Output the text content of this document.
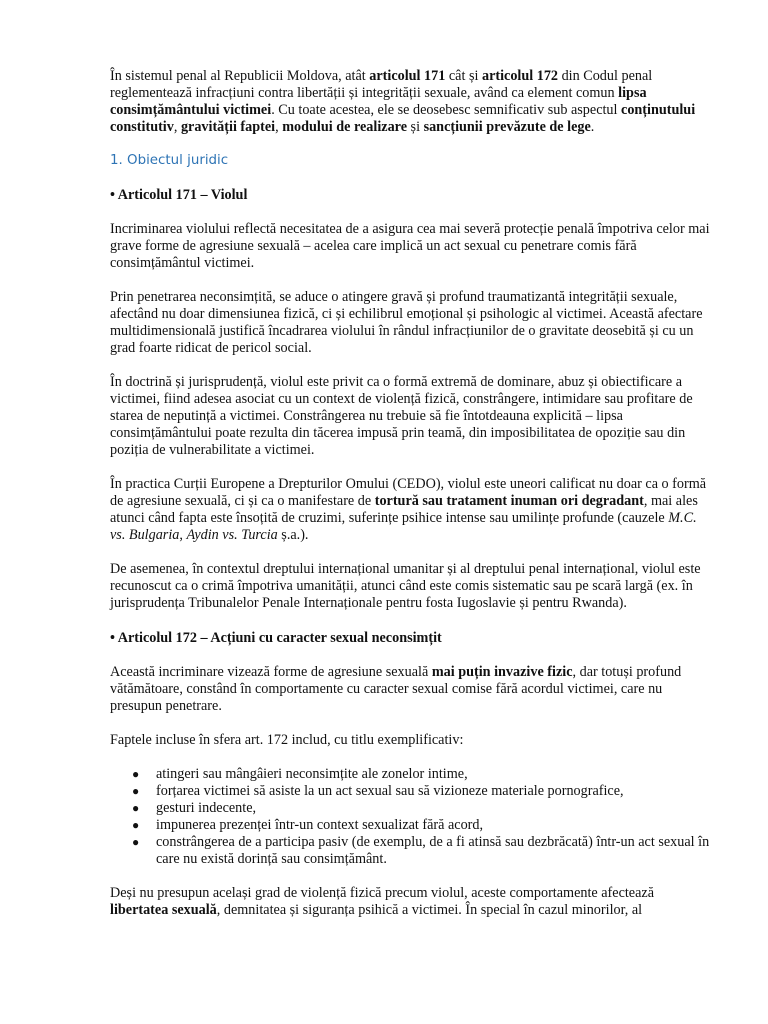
În sistemul penal al Republicii Moldova, atât articolul 171 cât și articolul 172 din Codul penal reglementează infracțiuni contra libertății și integrității sexuale, având ca element comun lipsa consimțământului victimei. Cu toate acestea, ele se deosebesc semnificativ sub aspectul conținutului constitutiv, gravității faptei, modului de realizare și sancțiunii prevăzute de lege.

1. Obiectul juridic

• Articolul 171 – Violul

Incriminarea violului reflectă necesitatea de a asigura cea mai severă protecție penală împotriva celor mai grave forme de agresiune sexuală – acelea care implică un act sexual cu penetrare comis fără consimțământul victimei.

Prin penetrarea neconsimțită, se aduce o atingere gravă și profund traumatizantă integrității sexuale, afectând nu doar dimensiunea fizică, ci și echilibrul emoțional și psihologic al victimei. Această afectare multidimensională justifică încadrarea violului în rândul infracțiunilor de o gravitate deosebită și cu un grad foarte ridicat de pericol social.

În doctrină și jurisprudență, violul este privit ca o formă extremă de dominare, abuz și obiectificare a victimei, fiind adesea asociat cu un context de violență fizică, constrângere, intimidare sau profitare de starea de neputință a victimei. Constrângerea nu trebuie să fie întotdeauna explicită – lipsa consimțământului poate rezulta din tăcerea impusă prin teamă, din imposibilitatea de opoziție sau din poziția de vulnerabilitate a victimei.

În practica Curții Europene a Drepturilor Omului (CEDO), violul este uneori calificat nu doar ca o formă de agresiune sexuală, ci și ca o manifestare de tortură sau tratament inuman ori degradant, mai ales atunci când fapta este însoțită de cruzimi, suferințe psihice intense sau umilințe profunde (cauzele M.C. vs. Bulgaria, Aydin vs. Turcia ș.a.).

De asemenea, în contextul dreptului internațional umanitar și al dreptului penal internațional, violul este recunoscut ca o crimă împotriva umanității, atunci când este comis sistematic sau pe scară largă (ex. în jurisprudența Tribunalelor Penale Internaționale pentru fosta Iugoslavie și pentru Rwanda).

• Articolul 172 – Acțiuni cu caracter sexual neconsimțit

Această incriminare vizează forme de agresiune sexuală mai puțin invazive fizic, dar totuși profund vătămătoare, constând în comportamente cu caracter sexual comise fără acordul victimei, care nu presupun penetrare.

Faptele incluse în sfera art. 172 includ, cu titlu exemplificativ:

● atingeri sau mângâieri neconsimțite ale zonelor intime,
● forțarea victimei să asiste la un act sexual sau să vizioneze materiale pornografice,
● gesturi indecente,
● impunerea prezenței într-un context sexualizat fără acord,
● constrângerea de a participa pasiv (de exemplu, de a fi atinsă sau dezbrăcată) într-un act sexual în care nu există dorință sau consimțământ.

Deși nu presupun același grad de violență fizică precum violul, aceste comportamente afectează libertatea sexuală, demnitatea și siguranța psihică a victimei. În special în cazul minorilor, al
